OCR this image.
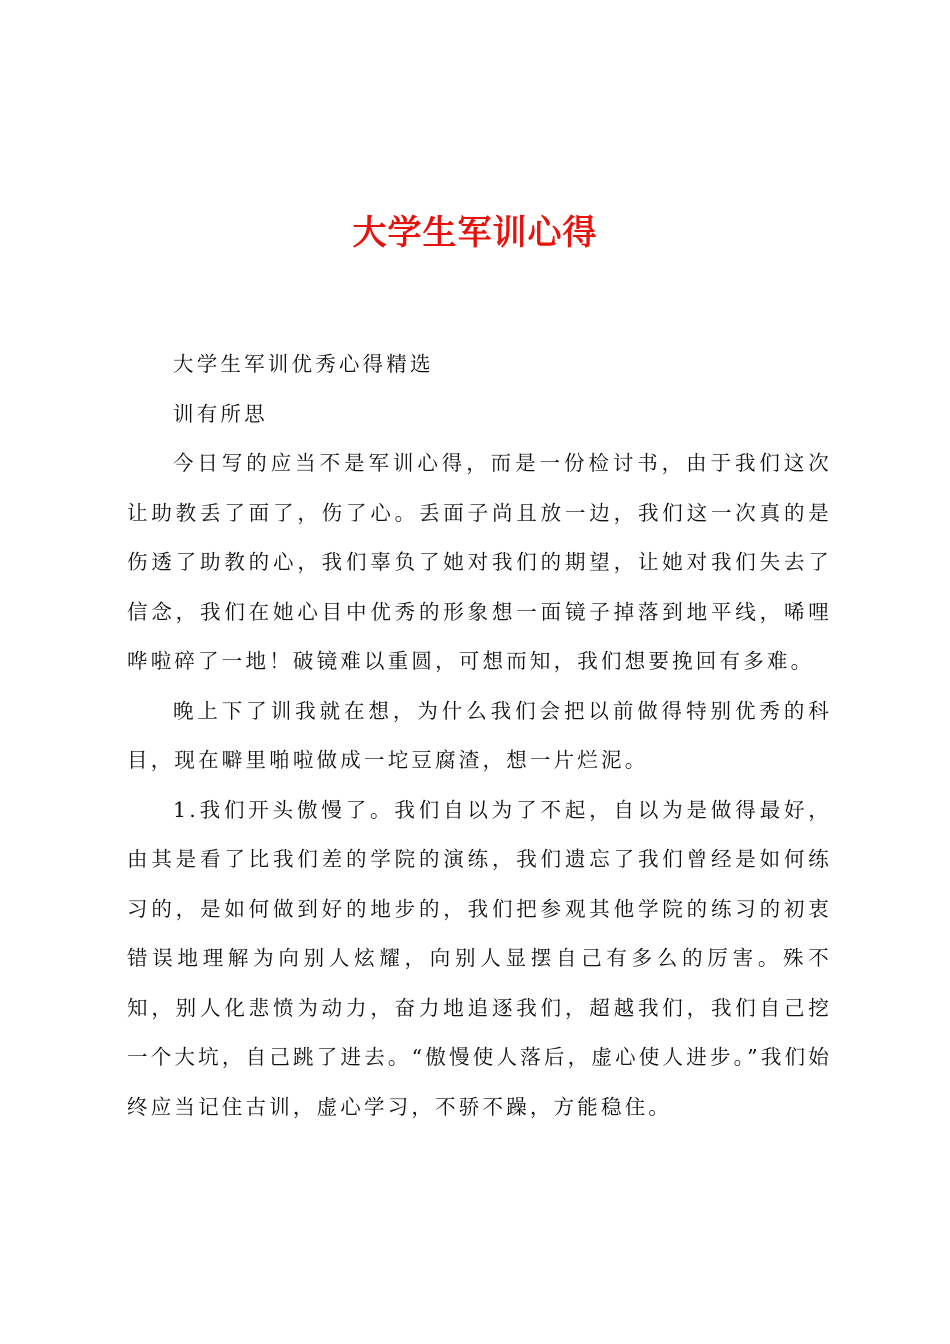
大学生军训心得

大学生军训优秀心得精选

训有所思

今日写的应当不是军训心得，而是一份检讨书，由于我们这次让助教丢了面了，伤了心。丢面子尚且放一边，我们这一次真的是伤透了助教的心，我们辜负了她对我们的期望，让她对我们失去了信念，我们在她心目中优秀的形象想一面镜子掉落到地平线，唏哩哗啦碎了一地！破镜难以重圆，可想而知，我们想要挽回有多难。

晚上下了训我就在想，为什么我们会把以前做得特别优秀的科目，现在噼里啪啦做成一坨豆腐渣，想一片烂泥。

1.我们开头傲慢了。我们自以为了不起，自以为是做得最好，由其是看了比我们差的学院的演练，我们遗忘了我们曾经是如何练习的，是如何做到好的地步的，我们把参观其他学院的练习的初衷错误地理解为向别人炫耀，向别人显摆自己有多么的厉害。殊不知，别人化悲愤为动力，奋力地追逐我们，超越我们，我们自己挖一个大坑，自己跳了进去。“傲慢使人落后，虚心使人进步。”我们始终应当记住古训，虚心学习，不骄不躁，方能稳住。
